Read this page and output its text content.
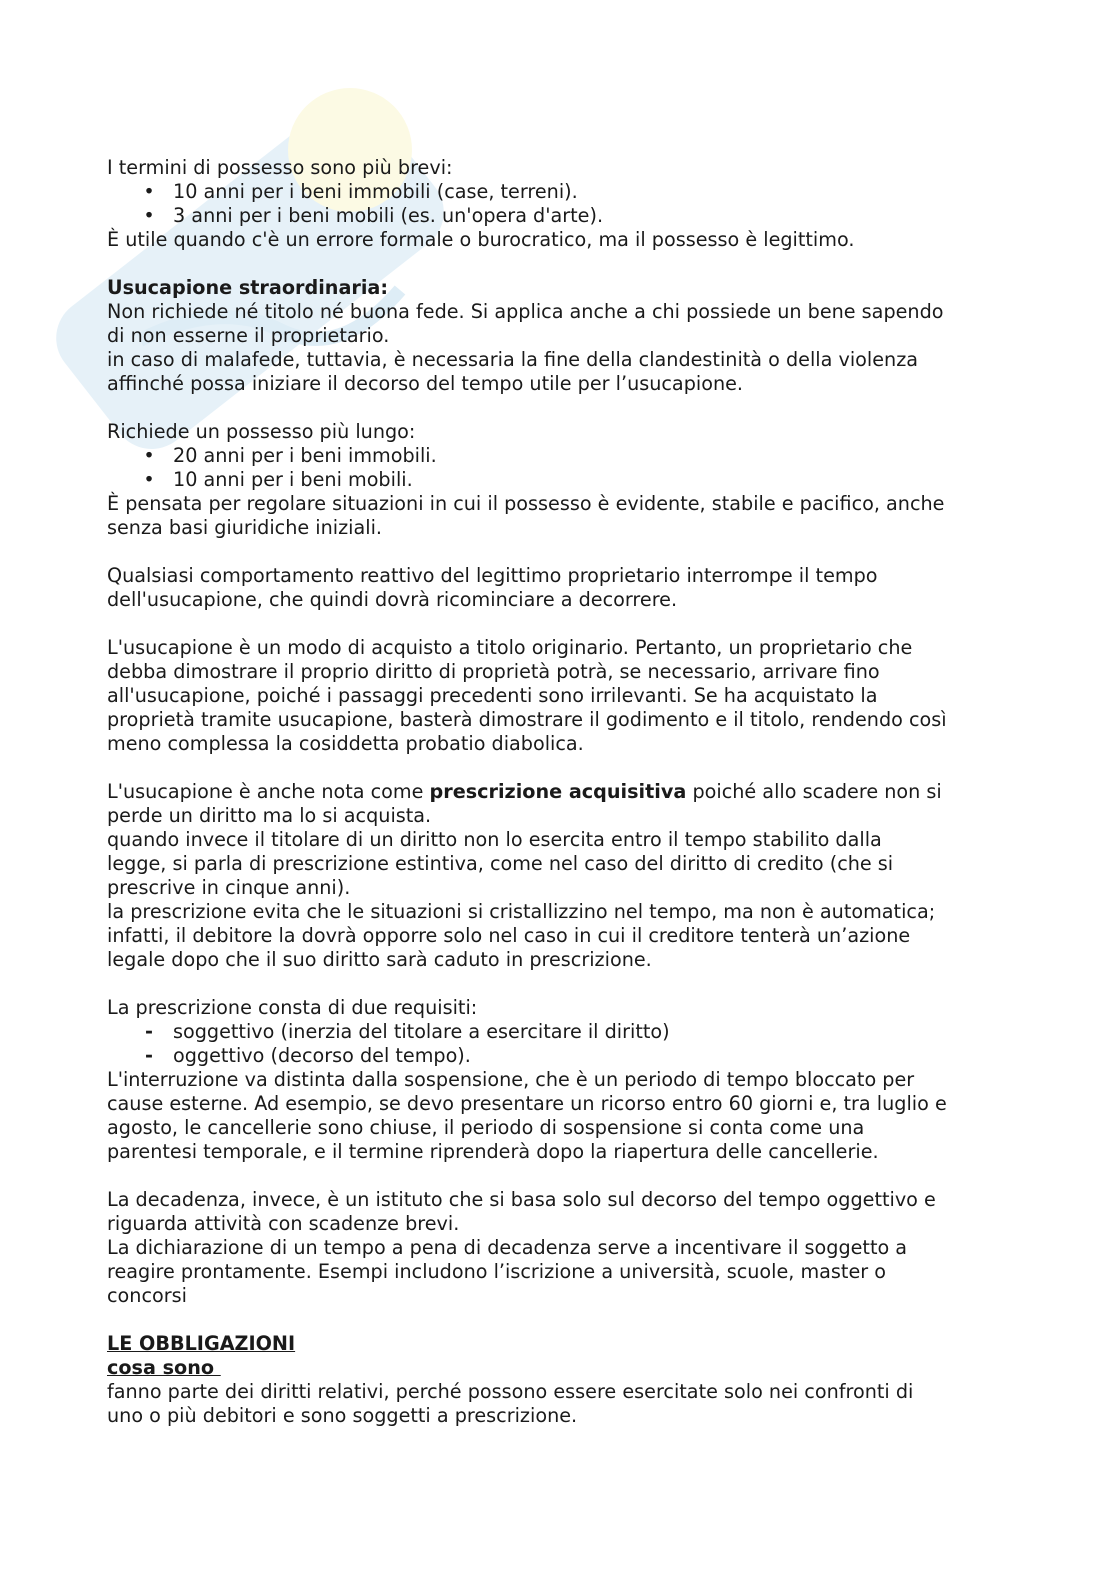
I termini di possesso sono più brevi:

• 10 anni per i beni immobili (case, terreni).
• 3 anni per i beni mobili (es. un'opera d'arte).

È utile quando c'è un errore formale o burocratico, ma il possesso è legittimo.

Usucapione straordinaria:

Non richiede né titolo né buona fede. Si applica anche a chi possiede un bene sapendo

di non esserne il proprietario.

in caso di malafede, tuttavia, è necessaria la fine della clandestinità o della violenza

affinché possa iniziare il decorso del tempo utile per l’usucapione.

Richiede un possesso più lungo:

• 20 anni per i beni immobili.
• 10 anni per i beni mobili.

È pensata per regolare situazioni in cui il possesso è evidente, stabile e pacifico, anche

senza basi giuridiche iniziali.

Qualsiasi comportamento reattivo del legittimo proprietario interrompe il tempo

dell'usucapione, che quindi dovrà ricominciare a decorrere.

L'usucapione è un modo di acquisto a titolo originario. Pertanto, un proprietario che

debba dimostrare il proprio diritto di proprietà potrà, se necessario, arrivare fino

all'usucapione, poiché i passaggi precedenti sono irrilevanti. Se ha acquistato la

proprietà tramite usucapione, basterà dimostrare il godimento e il titolo, rendendo così

meno complessa la cosiddetta probatio diabolica.

L'usucapione è anche nota come prescrizione acquisitiva poiché allo scadere non si

perde un diritto ma lo si acquista.

quando invece il titolare di un diritto non lo esercita entro il tempo stabilito dalla

legge, si parla di prescrizione estintiva, come nel caso del diritto di credito (che si

prescrive in cinque anni).

la prescrizione evita che le situazioni si cristallizzino nel tempo, ma non è automatica;

infatti, il debitore la dovrà opporre solo nel caso in cui il creditore tenterà un’azione

legale dopo che il suo diritto sarà caduto in prescrizione.

La prescrizione consta di due requisiti:

-	soggettivo (inerzia del titolare a esercitare il diritto)
-	oggettivo (decorso del tempo).

L'interruzione va distinta dalla sospensione, che è un periodo di tempo bloccato per

cause esterne. Ad esempio, se devo presentare un ricorso entro 60 giorni e, tra luglio e

agosto, le cancellerie sono chiuse, il periodo di sospensione si conta come una

parentesi temporale, e il termine riprenderà dopo la riapertura delle cancellerie.

La decadenza, invece, è un istituto che si basa solo sul decorso del tempo oggettivo e

riguarda attività con scadenze brevi.

La dichiarazione di un tempo a pena di decadenza serve a incentivare il soggetto a

reagire prontamente. Esempi includono l’iscrizione a università, scuole, master o

concorsi

LE OBBLIGAZIONI

cosa sono

fanno parte dei diritti relativi, perché possono essere esercitate solo nei confronti di

uno o più debitori e sono soggetti a prescrizione.
